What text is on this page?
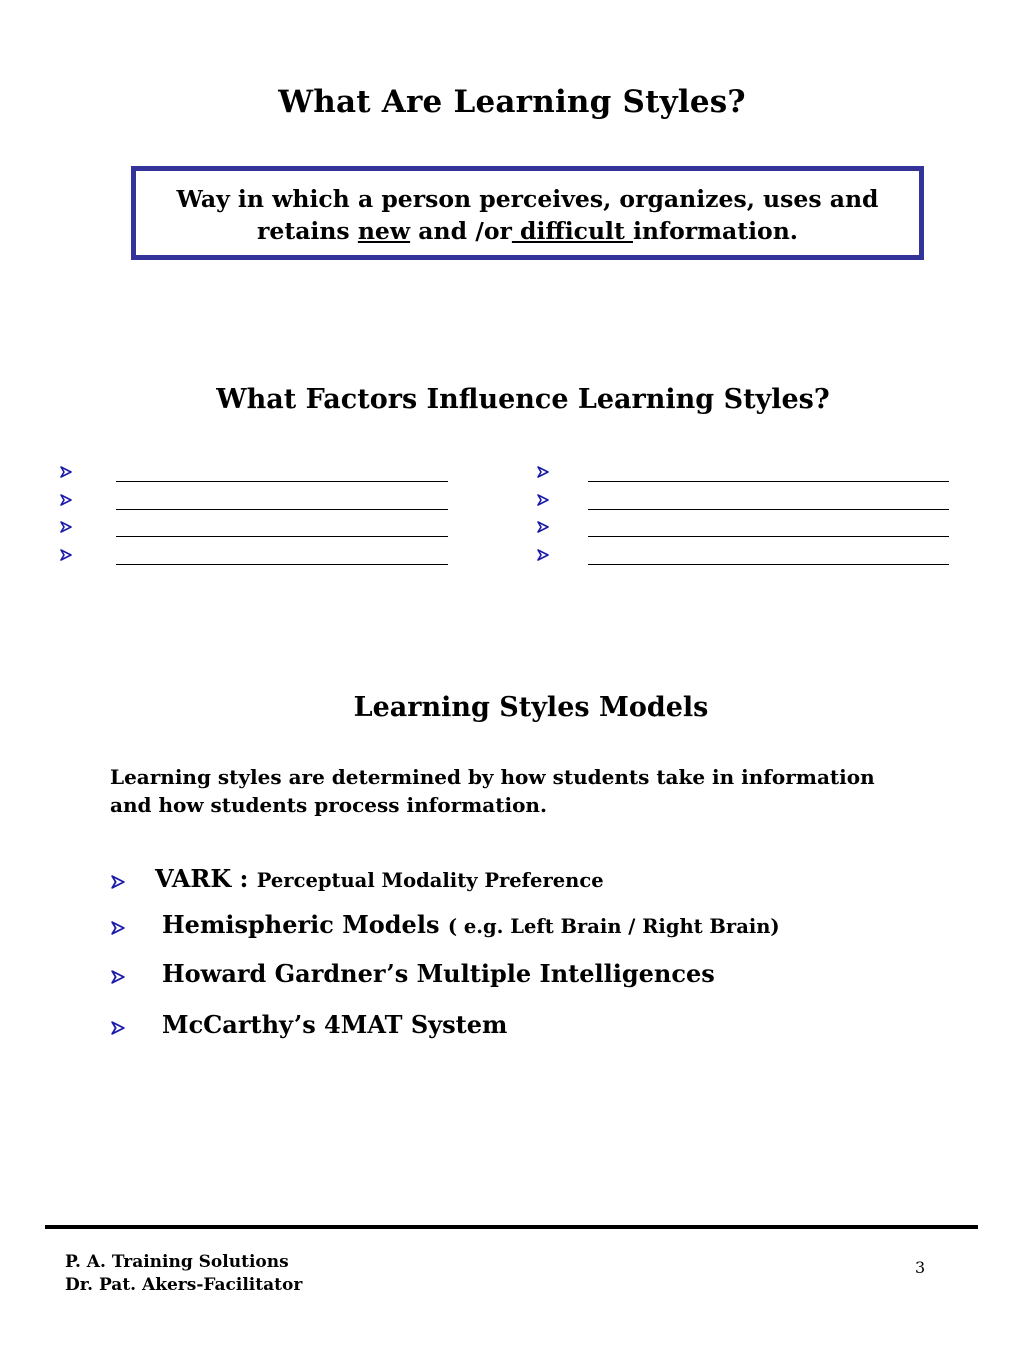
What Are Learning Styles?
Way in which a person perceives, organizes, uses and
retains new and /or difficult information.
What Factors Influence Learning Styles?
Learning Styles Models
Learning styles are determined by how students take in information
and how students process information.
VARK : Perceptual Modality Preference
Hemispheric Models ( e.g. Left Brain / Right Brain)
Howard Gardner’s Multiple Intelligences
McCarthy’s 4MAT System
P. A. Training Solutions
Dr. Pat. Akers-Facilitator
3
